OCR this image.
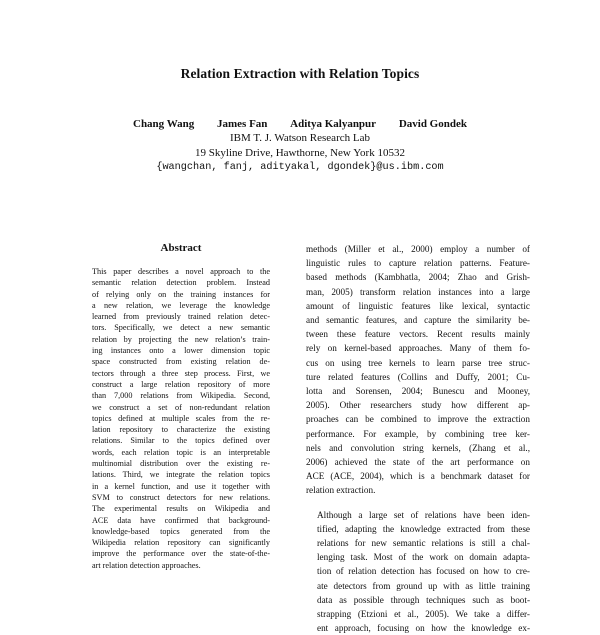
Relation Extraction with Relation Topics
Chang Wang James Fan Aditya Kalyanpur David Gondek
IBM T. J. Watson Research Lab
19 Skyline Drive, Hawthorne, New York 10532
{wangchan, fanj, adityakal, dgondek}@us.ibm.com
Abstract
This paper describes a novel approach to the
semantic relation detection problem. Instead
of relying only on the training instances for
a new relation, we leverage the knowledge
learned from previously trained relation detec-
tors. Specifically, we detect a new semantic
relation by projecting the new relation’s train-
ing instances onto a lower dimension topic
space constructed from existing relation de-
tectors through a three step process. First, we
construct a large relation repository of more
than 7,000 relations from Wikipedia. Second,
we construct a set of non-redundant relation
topics defined at multiple scales from the re-
lation repository to characterize the existing
relations. Similar to the topics defined over
words, each relation topic is an interpretable
multinomial distribution over the existing re-
lations. Third, we integrate the relation topics
in a kernel function, and use it together with
SVM to construct detectors for new relations.
The experimental results on Wikipedia and
ACE data have confirmed that background-
knowledge-based topics generated from the
Wikipedia relation repository can significantly
improve the performance over the state-of-the-
art relation detection approaches.

methods (Miller et al., 2000) employ a number of
linguistic rules to capture relation patterns. Feature-
based methods (Kambhatla, 2004; Zhao and Grish-
man, 2005) transform relation instances into a large
amount of linguistic features like lexical, syntactic
and semantic features, and capture the similarity be-
tween these feature vectors. Recent results mainly
rely on kernel-based approaches. Many of them fo-
cus on using tree kernels to learn parse tree struc-
ture related features (Collins and Duffy, 2001; Cu-
lotta and Sorensen, 2004; Bunescu and Mooney,
2005). Other researchers study how different ap-
proaches can be combined to improve the extraction
performance. For example, by combining tree ker-
nels and convolution string kernels, (Zhang et al.,
2006) achieved the state of the art performance on
ACE (ACE, 2004), which is a benchmark dataset for
relation extraction.

Although a large set of relations have been iden-
tified, adapting the knowledge extracted from these
relations for new semantic relations is still a chal-
lenging task. Most of the work on domain adapta-
tion of relation detection has focused on how to cre-
ate detectors from ground up with as little training
data as possible through techniques such as boot-
strapping (Etzioni et al., 2005). We take a differ-
ent approach, focusing on how the knowledge ex-
